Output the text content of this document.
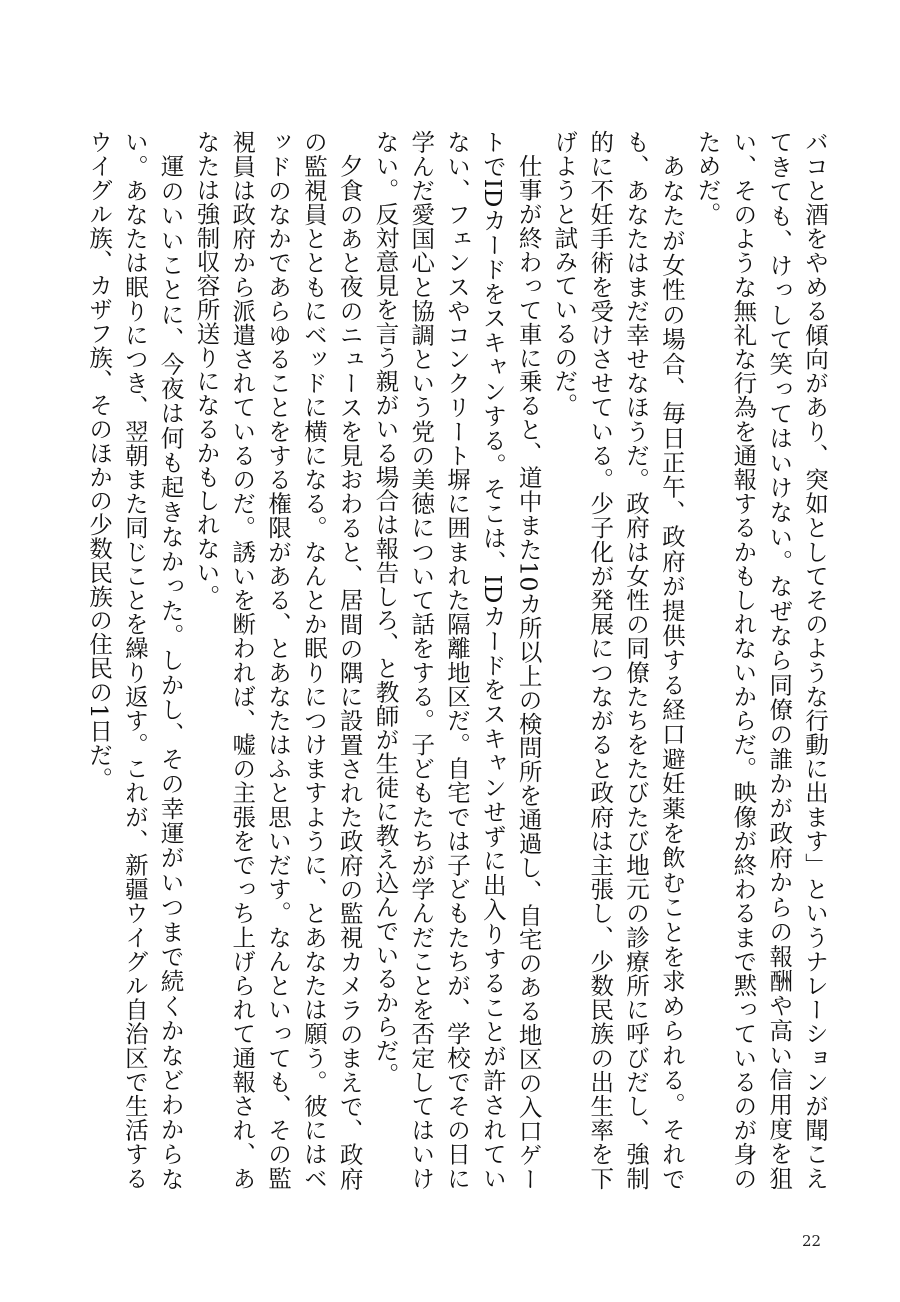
バコと酒をやめる傾向があり、突如としてそのような行動に出ます」というナレーションが聞こえてきても、けっして笑ってはいけない。なぜなら同僚の誰かが政府からの報酬や高い信用度を狙い、そのような無礼な行為を通報するかもしれないからだ。映像が終わるまで黙っているのが身のためだ。

あなたが女性の場合、毎日正午、政府が提供する経口避妊薬を飲むことを求められる。それでも、あなたはまだ幸せなほうだ。政府は女性の同僚たちをたびたび地元の診療所に呼びだし、強制的に不妊手術を受けさせている。少子化が発展につながると政府は主張し、少数民族の出生率を下げようと試みているのだ。

仕事が終わって車に乗ると、道中また10カ所以上の検問所を通過し、自宅のある地区の入口ゲートでIDカードをスキャンする。そこは、IDカードをスキャンせずに出入りすることが許されていない、フェンスやコンクリート塀に囲まれた隔離地区だ。自宅では子どもたちが、学校でその日に学んだ愛国心と協調という党の美徳について話をする。子どもたちが学んだことを否定してはいけない。反対意見を言う親がいる場合は報告しろ、と教師が生徒に教え込んでいるからだ。

夕食のあと夜のニュースを見おわると、居間の隅に設置された政府の監視カメラのまえで、政府の監視員とともにベッドに横になる。なんとか眠りにつけますように、とあなたは願う。彼にはベッドのなかであらゆることをする権限がある、とあなたはふと思いだす。なんといっても、その監視員は政府から派遣されているのだ。誘いを断われば、嘘の主張をでっち上げられて通報され、あなたは強制収容所送りになるかもしれない。

運のいいことに、今夜は何も起きなかった。しかし、その幸運がいつまで続くかなどわからない。あなたは眠りにつき、翌朝また同じことを繰り返す。これが、新疆ウイグル自治区で生活するウイグル族、カザフ族、そのほかの少数民族の住民の1日だ。

22
